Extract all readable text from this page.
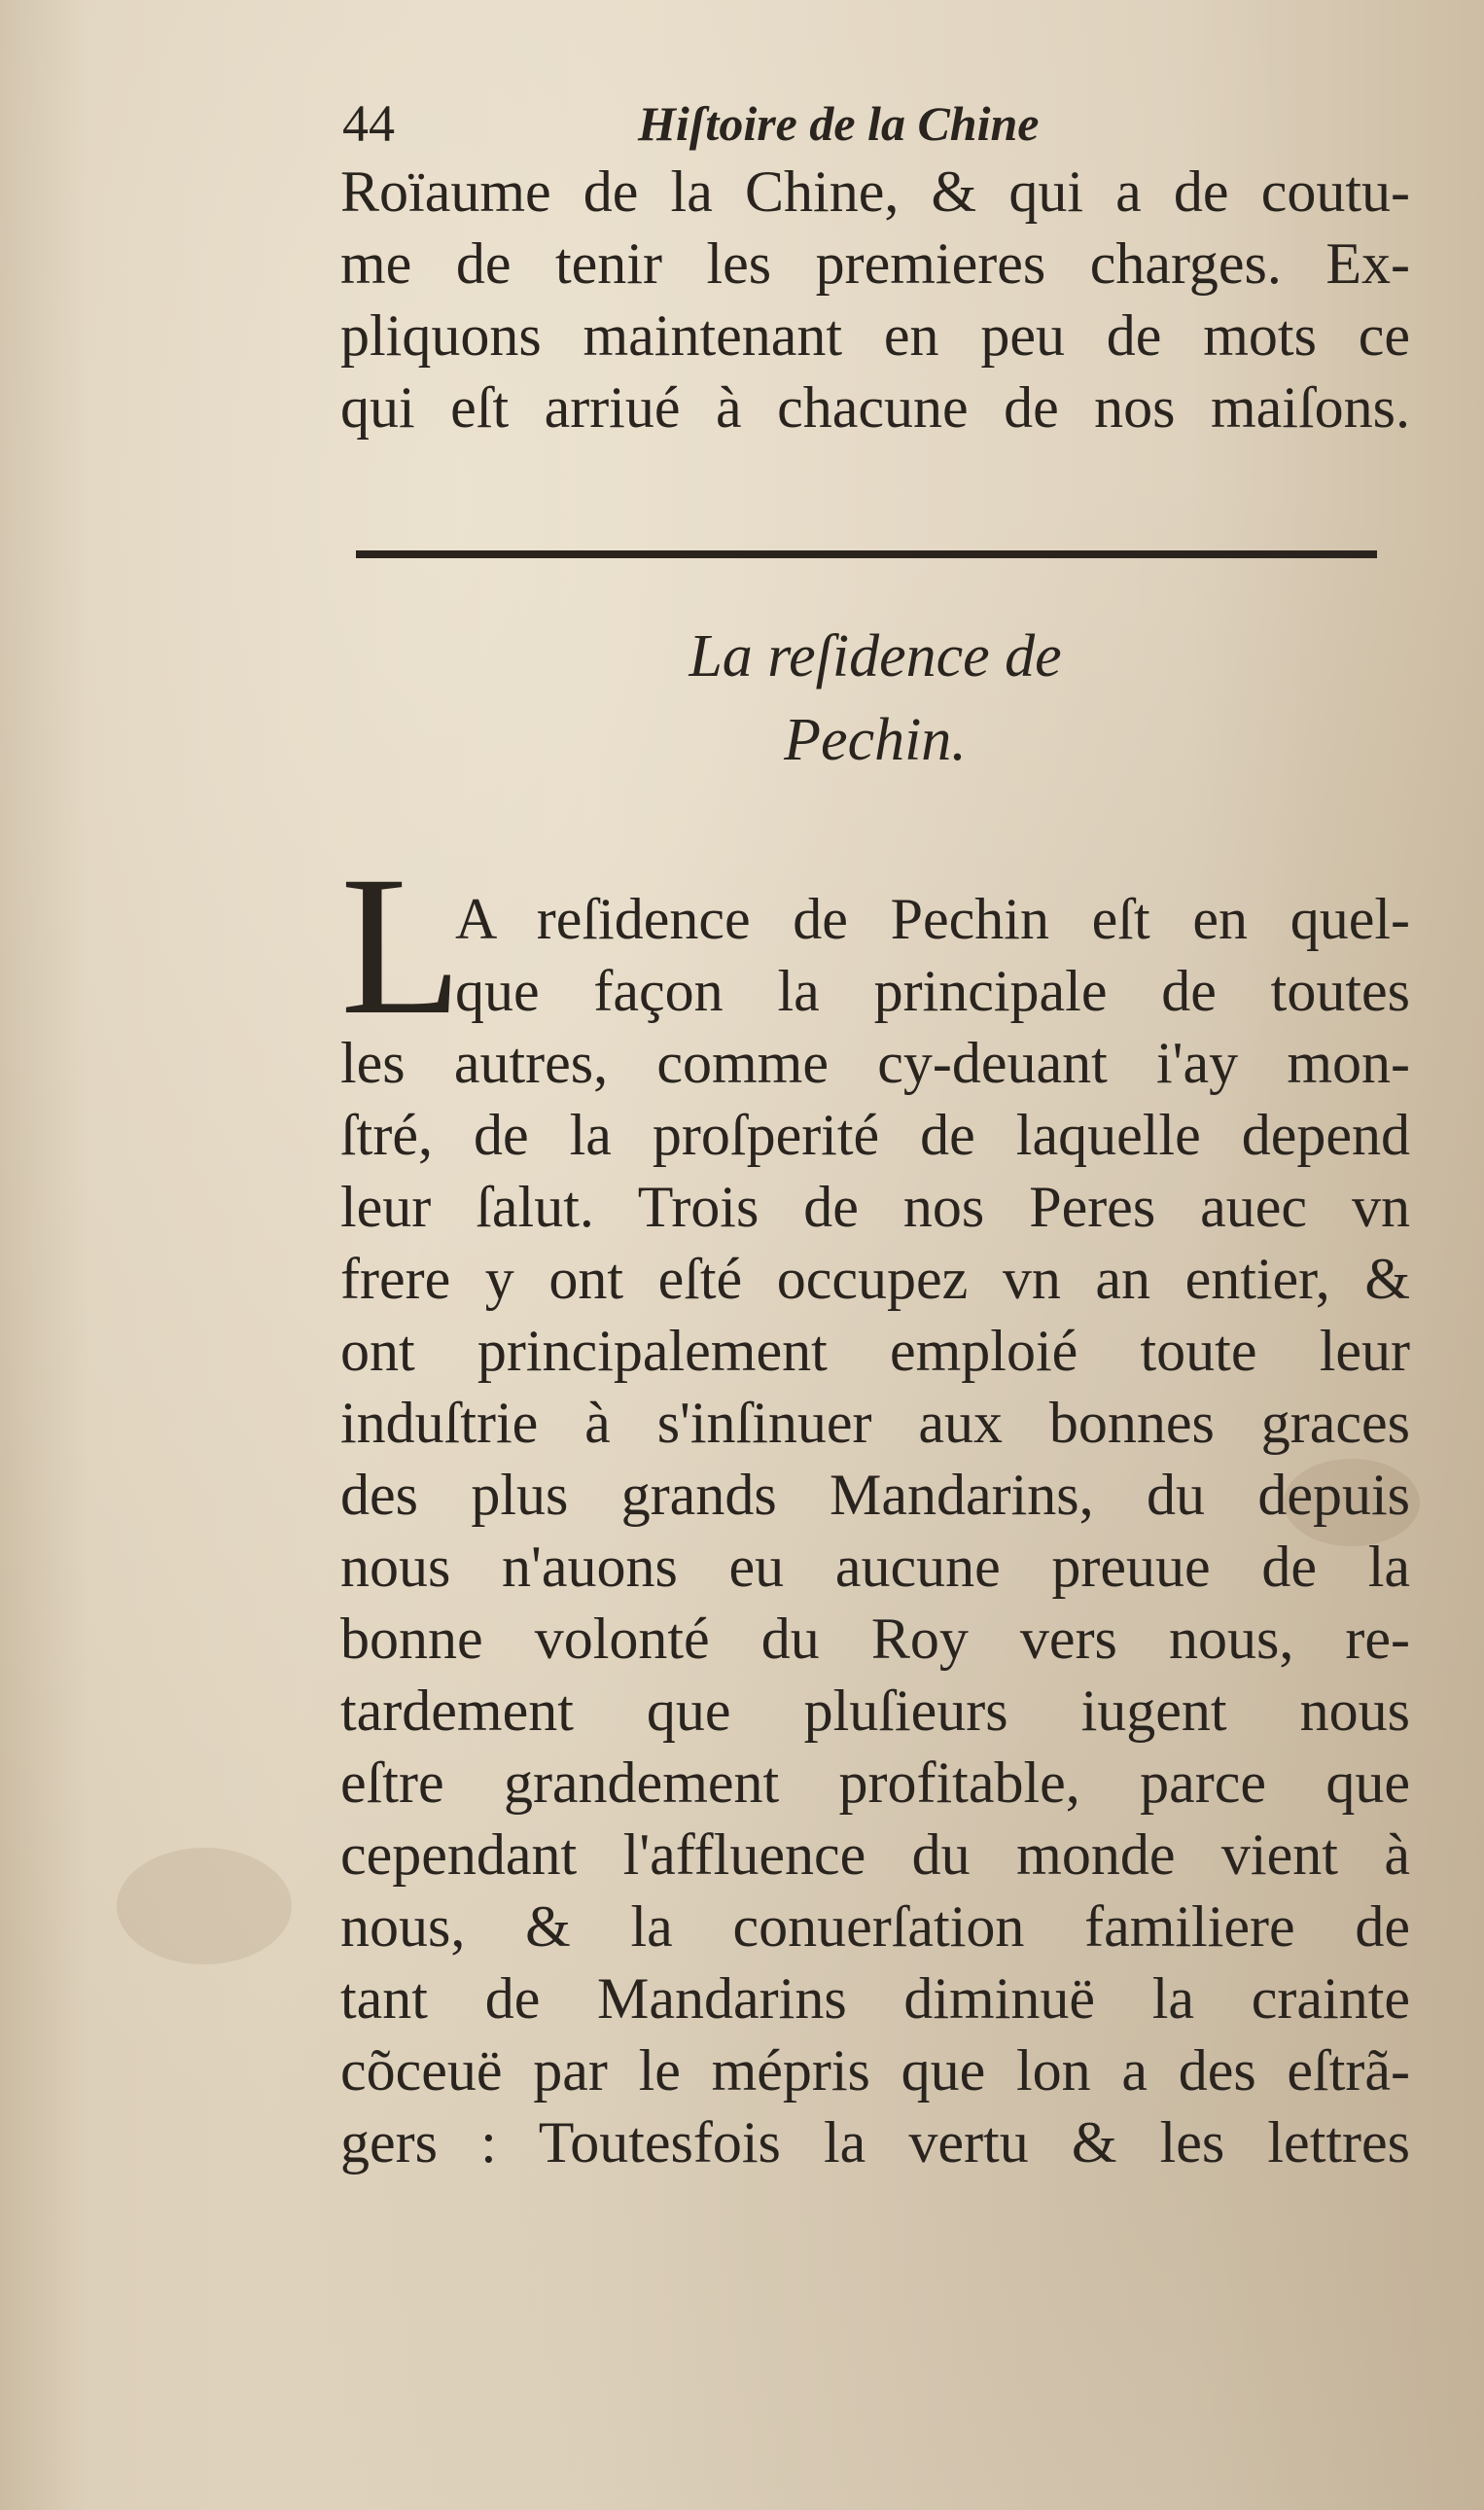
44	Hiſtoire de la Chine
Roïaume de la Chine, & qui a de coutu-
me de tenir les premieres charges. Ex-
pliquons maintenant en peu de mots ce
qui eſt arriué à chacune de nos maiſons.
La reſidence de
Pechin.
L
A reſidence de Pechin eſt en quel-
que façon la principale de toutes
les autres, comme cy-deuant i'ay mon-
ſtré, de la proſperité de laquelle depend
leur ſalut. Trois de nos Peres auec vn
frere y ont eſté occupez vn an entier, &
ont principalement emploié toute leur
induſtrie à s'inſinuer aux bonnes graces
des plus grands Mandarins, du depuis
nous n'auons eu aucune preuue de la
bonne volonté du Roy vers nous, re-
tardement que pluſieurs iugent nous
eſtre grandement profitable, parce que
cependant l'affluence du monde vient à
nous, & la conuerſation familiere de
tant de Mandarins diminuë la crainte
cõceuë par le mépris que lon a des eſtrã-
gers : Toutesfois la vertu & les lettres
